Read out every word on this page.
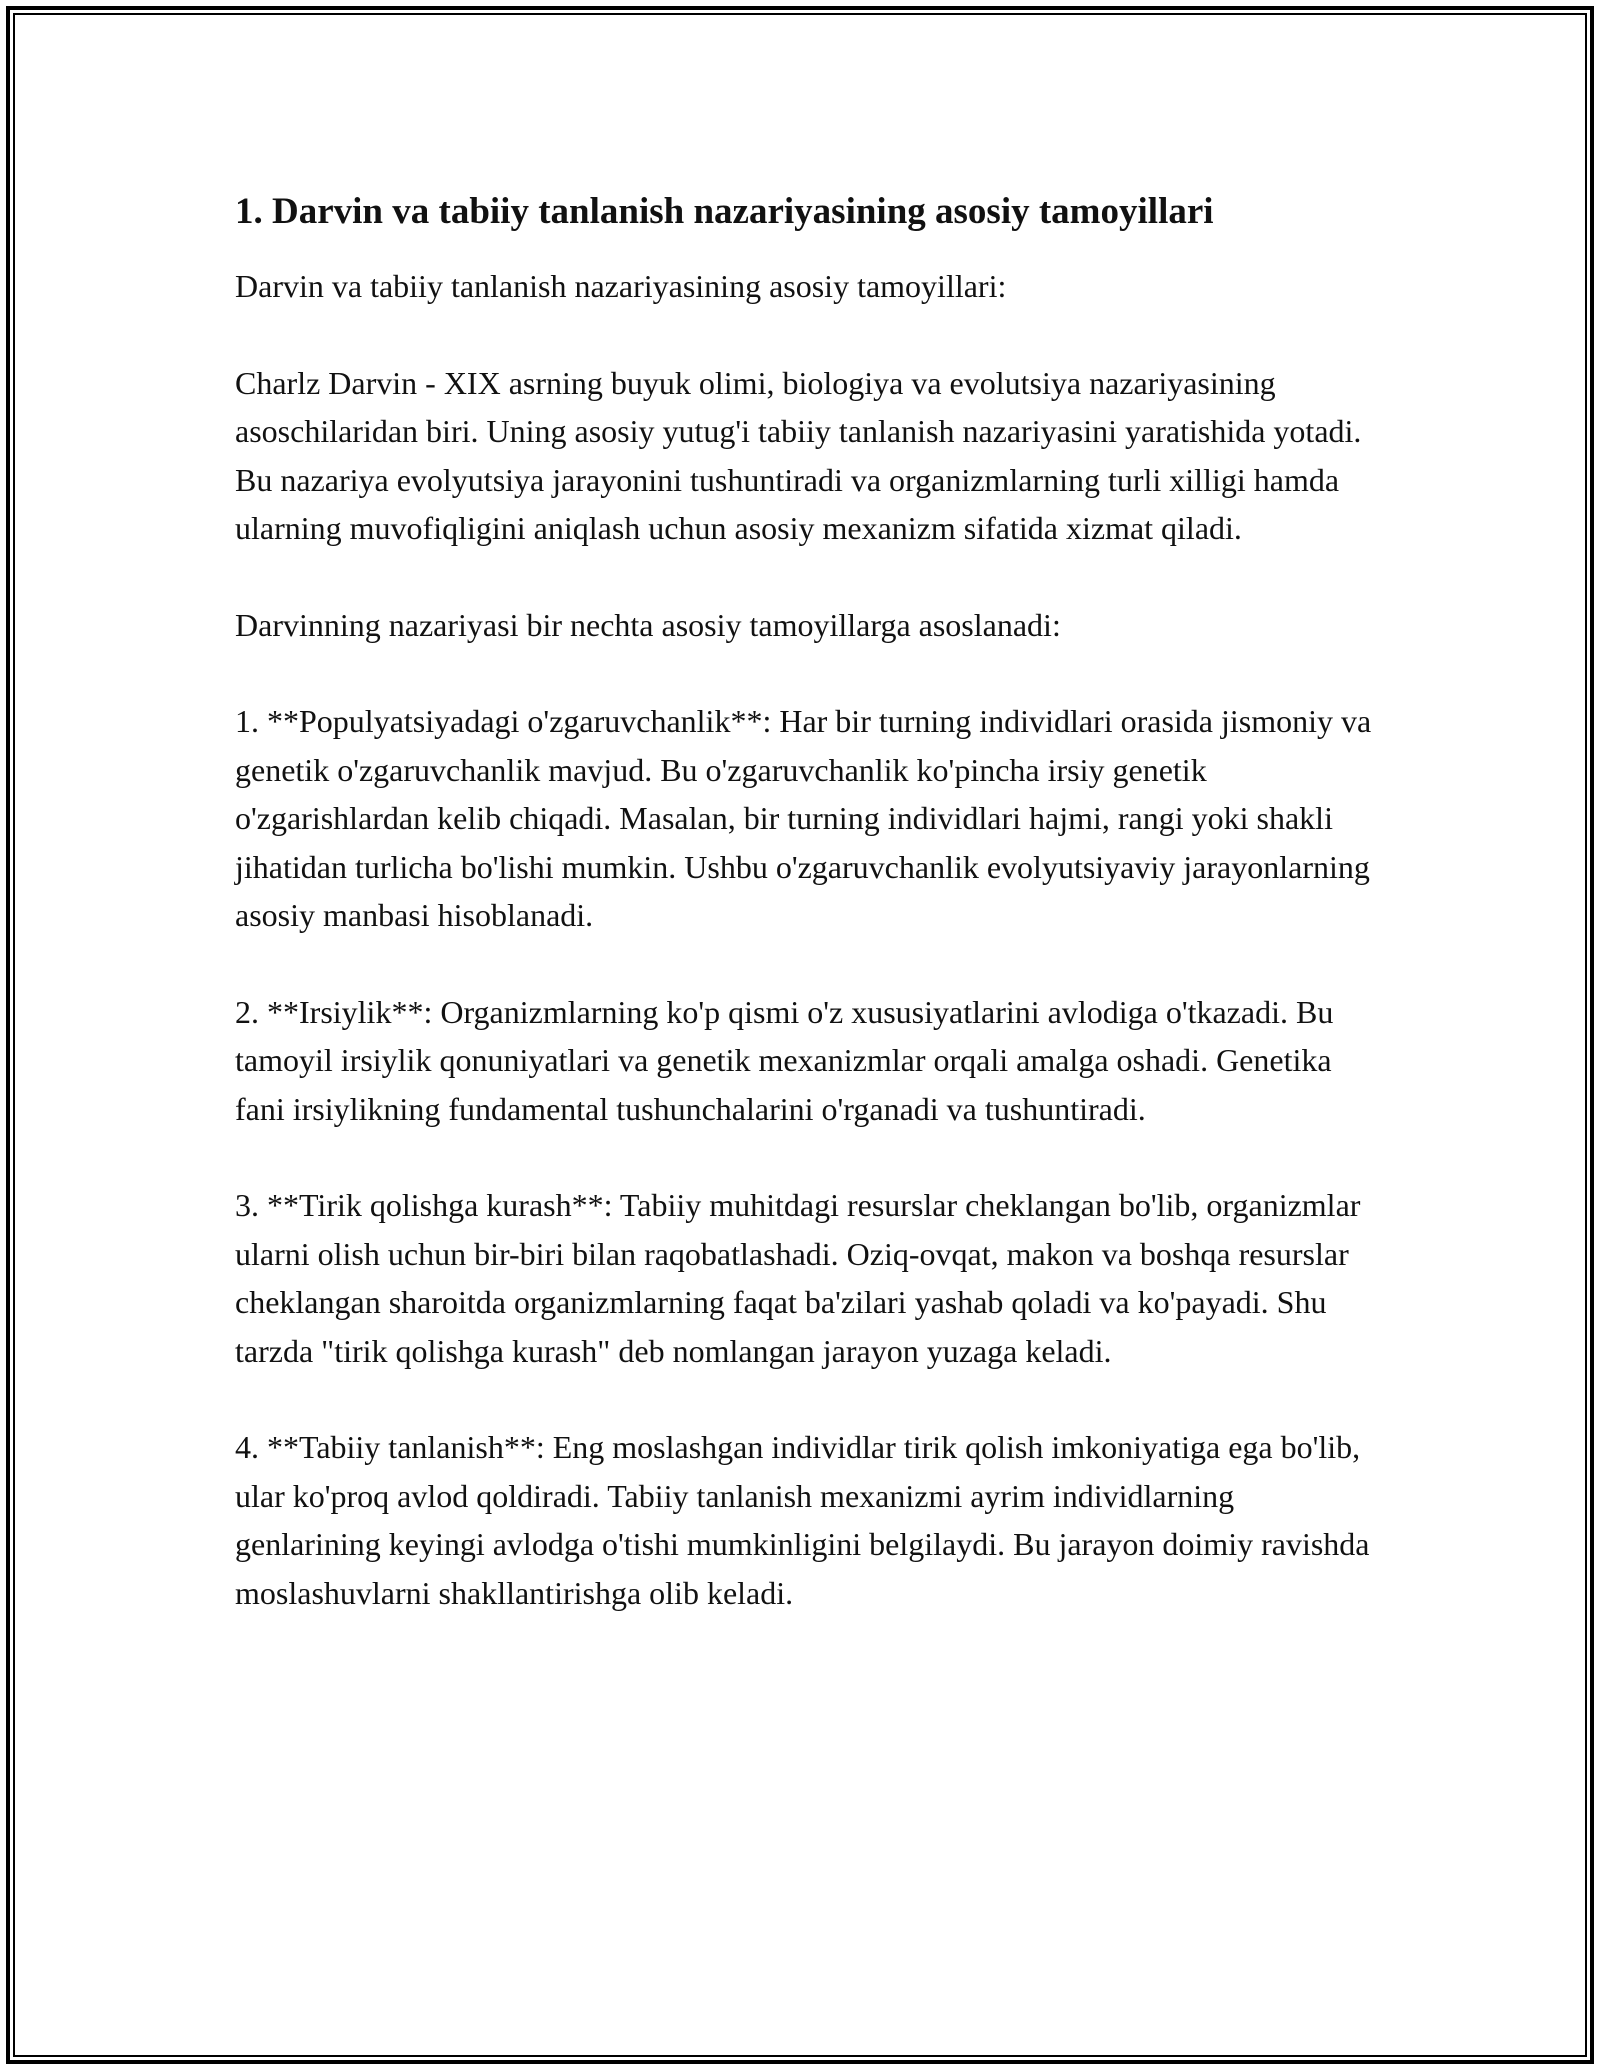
1. Darvin va tabiiy tanlanish nazariyasining asosiy tamoyillari

Darvin va tabiiy tanlanish nazariyasining asosiy tamoyillari:

Charlz Darvin - XIX asrning buyuk olimi, biologiya va evolutsiya nazariyasining asoschilaridan biri. Uning asosiy yutug'i tabiiy tanlanish nazariyasini yaratishida yotadi. Bu nazariya evolyutsiya jarayonini tushuntiradi va organizmlarning turli xilligi hamda ularning muvofiqligini aniqlash uchun asosiy mexanizm sifatida xizmat qiladi.

Darvinning nazariyasi bir nechta asosiy tamoyillarga asoslanadi:

1. **Populyatsiyadagi o'zgaruvchanlik**: Har bir turning individlari orasida jismoniy va genetik o'zgaruvchanlik mavjud. Bu o'zgaruvchanlik ko'pincha irsiy genetik o'zgarishlardan kelib chiqadi. Masalan, bir turning individlari hajmi, rangi yoki shakli jihatidan turlicha bo'lishi mumkin. Ushbu o'zgaruvchanlik evolyutsiyaviy jarayonlarning asosiy manbasi hisoblanadi.

2. **Irsiylik**: Organizmlarning ko'p qismi o'z xususiyatlarini avlodiga o'tkazadi. Bu tamoyil irsiylik qonuniyatlari va genetik mexanizmlar orqali amalga oshadi. Genetika fani irsiylikning fundamental tushunchalarini o'rganadi va tushuntiradi.

3. **Tirik qolishga kurash**: Tabiiy muhitdagi resurslar cheklangan bo'lib, organizmlar ularni olish uchun bir-biri bilan raqobatlashadi. Oziq-ovqat, makon va boshqa resurslar cheklangan sharoitda organizmlarning faqat ba'zilari yashab qoladi va ko'payadi. Shu tarzda "tirik qolishga kurash" deb nomlangan jarayon yuzaga keladi.

4. **Tabiiy tanlanish**: Eng moslashgan individlar tirik qolish imkoniyatiga ega bo'lib, ular ko'proq avlod qoldiradi. Tabiiy tanlanish mexanizmi ayrim individlarning genlarining keyingi avlodga o'tishi mumkinligini belgilaydi. Bu jarayon doimiy ravishda moslashuvlarni shakllantirishga olib keladi.
